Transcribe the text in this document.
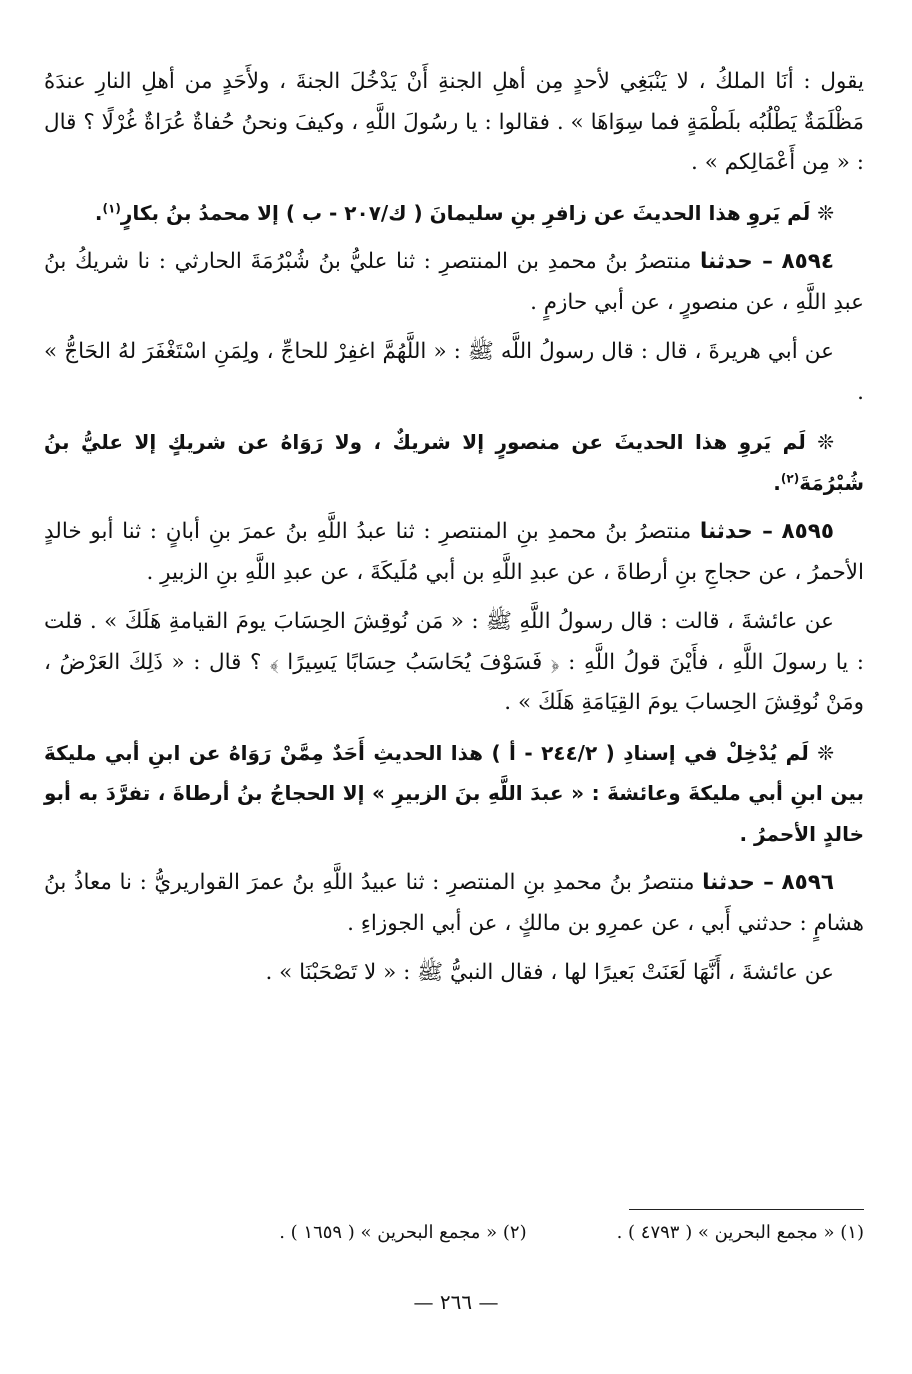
يقول : أنَا الملكُ ، لا يَنْبَغِي لأحدٍ مِن أهلِ الجنةِ أَنْ يَدْخُلَ الجنةَ ، ولأَحَدٍ من أهلِ النارِ عندَهُ مَظْلَمَةٌ يَطْلُبُه بلَطْمَةٍ فما سِوَاهَا » . فقالوا : يا رسُولَ اللَّهِ ، وكيفَ ونحنُ حُفاةٌ عُرَاةٌ غُرْلًا ؟ قال : « مِن أَعْمَالِكم » .

❊ لَم يَروِ هذا الحديثَ عن زافرِ بنِ سليمانَ ( ك/٢٠٧ - ب ) إلا محمدُ بنُ بكارٍ$^{(١)}$.

٨٥٩٤ – حدثنا منتصرُ بنُ محمدِ بن المنتصرِ : ثنا عليُّ بنُ شُبْرُمَةَ الحارثي : نا شريكُ بنُ عبدِ اللَّهِ ، عن منصورٍ ، عن أبي حازمٍ .

عن أبي هريرةَ ، قال : قال رسولُ اللَّه ﷺ : « اللَّهُمَّ اغفِرْ للحاجِّ ، ولِمَنِ اسْتَغْفَرَ لهُ الحَاجُّ » .

❊ لَم يَروِ هذا الحديثَ عن منصورٍ إلا شريكٌ ، ولا رَوَاهُ عن شريكٍ إلا عليُّ بنُ شُبْرُمَةَ$^{(٢)}$.

٨٥٩٥ – حدثنا منتصرُ بنُ محمدِ بنِ المنتصرِ : ثنا عبدُ اللَّهِ بنُ عمرَ بنِ أبانٍ : ثنا أبو خالدٍ الأحمرُ ، عن حجاجِ بنِ أرطاةَ ، عن عبدِ اللَّهِ بن أبي مُلَيكَةَ ، عن عبدِ اللَّهِ بنِ الزبيرِ .

عن عائشةَ ، قالت : قال رسولُ اللَّهِ ﷺ : « مَن نُوقِشَ الحِسَابَ يومَ القيامةِ هَلَكَ » . قلت : يا رسولَ اللَّهِ ، فأَيْنَ قولُ اللَّهِ : ﴿ فَسَوْفَ يُحَاسَبُ حِسَابًا يَسِيرًا ﴾ ؟ قال : « ذَلِكَ العَرْضُ ، ومَنْ نُوقِشَ الحِسابَ يومَ القِيَامَةِ هَلَكَ » .

❊ لَم يُدْخِلْ في إسنادِ ( ٢٤٤/٢ - أ ) هذا الحديثِ أَحَدٌ مِمَّنْ رَوَاهُ عن ابنِ أبي مليكةَ بين ابنِ أبي مليكةَ وعائشةَ : « عبدَ اللَّهِ بنَ الزبيرِ » إلا الحجاجُ بنُ أرطاةَ ، تفرَّدَ به أبو خالدٍ الأحمرُ .

٨٥٩٦ – حدثنا منتصرُ بنُ محمدِ بنِ المنتصرِ : ثنا عبيدُ اللَّهِ بنُ عمرَ القواريريُّ : نا معاذُ بنُ هشامٍ : حدثني أَبي ، عن عمرِو بن مالكٍ ، عن أبي الجوزاءِ .

عن عائشةَ ، أَنَّهَا لَعَنَتْ بَعيرًا لها ، فقال النبيُّ ﷺ : « لا تَصْحَبْنَا » .

(١) « مجمع البحرين » ( ٤٧٩٣ ) .
(٢) « مجمع البحرين » ( ١٦٥٩ ) .
— ٢٦٦ —
